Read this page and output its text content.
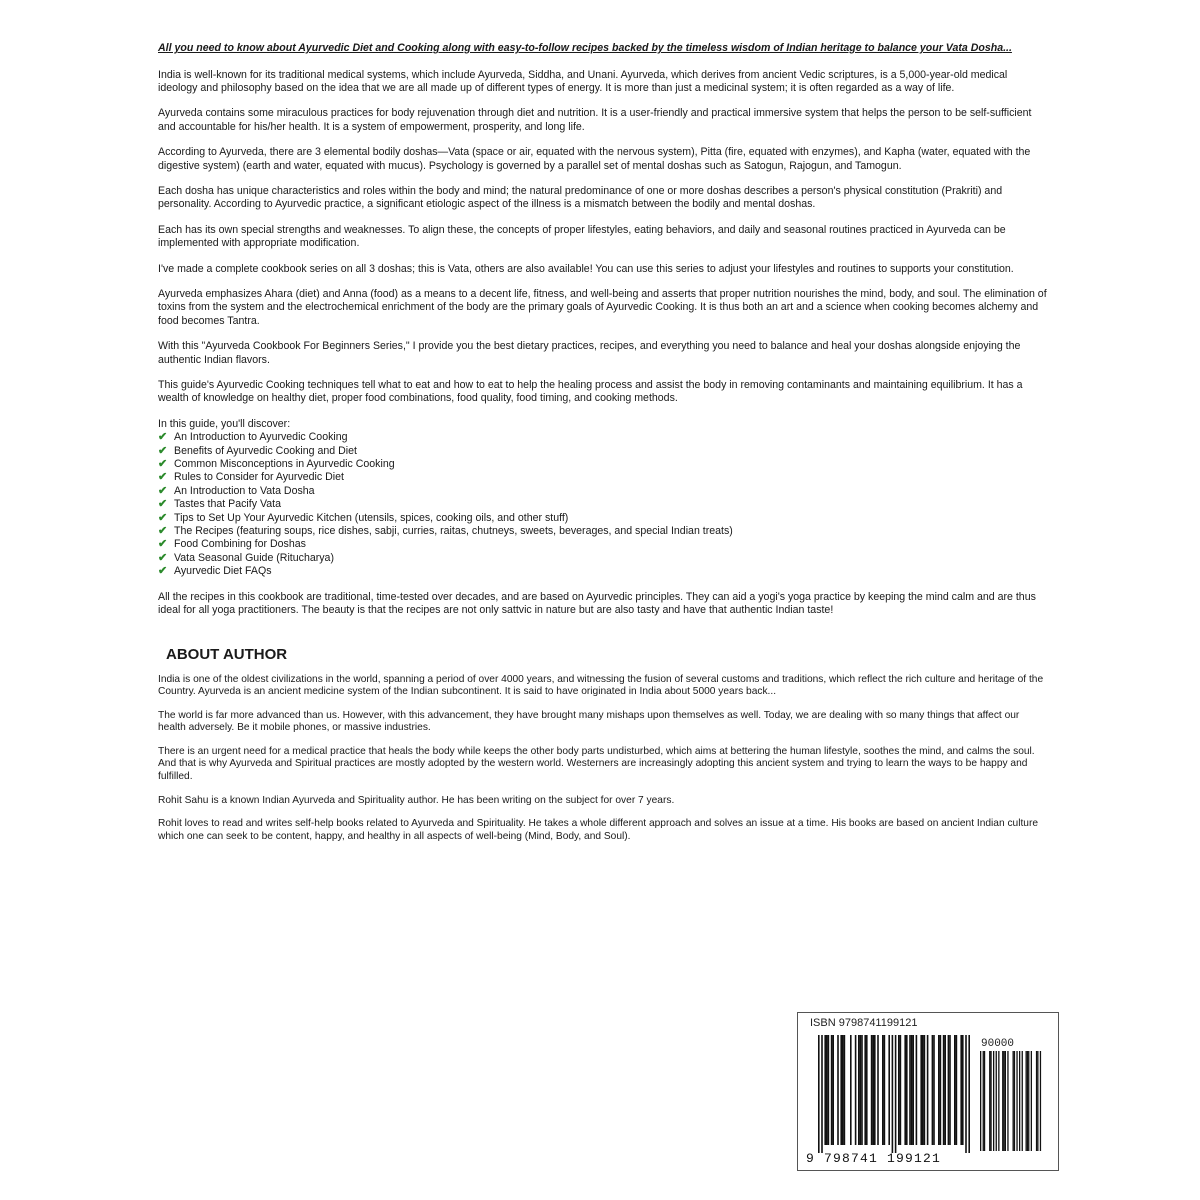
All you need to know about Ayurvedic Diet and Cooking along with easy-to-follow recipes backed by the timeless wisdom of Indian heritage to balance your Vata Dosha...

India is well-known for its traditional medical systems, which include Ayurveda, Siddha, and Unani. Ayurveda, which derives from ancient Vedic scriptures, is a 5,000-year-old medical ideology and philosophy based on the idea that we are all made up of different types of energy. It is more than just a medicinal system; it is often regarded as a way of life.

Ayurveda contains some miraculous practices for body rejuvenation through diet and nutrition. It is a user-friendly and practical immersive system that helps the person to be self-sufficient and accountable for his/her health. It is a system of empowerment, prosperity, and long life.

According to Ayurveda, there are 3 elemental bodily doshas—Vata (space or air, equated with the nervous system), Pitta (fire, equated with enzymes), and Kapha (water, equated with the digestive system) (earth and water, equated with mucus). Psychology is governed by a parallel set of mental doshas such as Satogun, Rajogun, and Tamogun.

Each dosha has unique characteristics and roles within the body and mind; the natural predominance of one or more doshas describes a person's physical constitution (Prakriti) and personality. According to Ayurvedic practice, a significant etiologic aspect of the illness is a mismatch between the bodily and mental doshas.

Each has its own special strengths and weaknesses. To align these, the concepts of proper lifestyles, eating behaviors, and daily and seasonal routines practiced in Ayurveda can be implemented with appropriate modification.

I've made a complete cookbook series on all 3 doshas; this is Vata, others are also available! You can use this series to adjust your lifestyles and routines to supports your constitution.

Ayurveda emphasizes Ahara (diet) and Anna (food) as a means to a decent life, fitness, and well-being and asserts that proper nutrition nourishes the mind, body, and soul. The elimination of toxins from the system and the electrochemical enrichment of the body are the primary goals of Ayurvedic Cooking. It is thus both an art and a science when cooking becomes alchemy and food becomes Tantra.

With this "Ayurveda Cookbook For Beginners Series," I provide you the best dietary practices, recipes, and everything you need to balance and heal your doshas alongside enjoying the authentic Indian flavors.

This guide's Ayurvedic Cooking techniques tell what to eat and how to eat to help the healing process and assist the body in removing contaminants and maintaining equilibrium. It has a wealth of knowledge on healthy diet, proper food combinations, food quality, food timing, and cooking methods.

In this guide, you'll discover:

✔ An Introduction to Ayurvedic Cooking
✔ Benefits of Ayurvedic Cooking and Diet
✔ Common Misconceptions in Ayurvedic Cooking
✔ Rules to Consider for Ayurvedic Diet
✔ An Introduction to Vata Dosha
✔ Tastes that Pacify Vata
✔ Tips to Set Up Your Ayurvedic Kitchen (utensils, spices, cooking oils, and other stuff)
✔ The Recipes (featuring soups, rice dishes, sabji, curries, raitas, chutneys, sweets, beverages, and special Indian treats)
✔ Food Combining for Doshas
✔ Vata Seasonal Guide (Ritucharya)
✔ Ayurvedic Diet FAQs

All the recipes in this cookbook are traditional, time-tested over decades, and are based on Ayurvedic principles. They can aid a yogi's yoga practice by keeping the mind calm and are thus ideal for all yoga practitioners. The beauty is that the recipes are not only sattvic in nature but are also tasty and have that authentic Indian taste!

ABOUT AUTHOR

India is one of the oldest civilizations in the world, spanning a period of over 4000 years, and witnessing the fusion of several customs and traditions, which reflect the rich culture and heritage of the Country. Ayurveda is an ancient medicine system of the Indian subcontinent. It is said to have originated in India about 5000 years back...

The world is far more advanced than us. However, with this advancement, they have brought many mishaps upon themselves as well. Today, we are dealing with so many things that affect our health adversely. Be it mobile phones, or massive industries.

There is an urgent need for a medical practice that heals the body while keeps the other body parts undisturbed, which aims at bettering the human lifestyle, soothes the mind, and calms the soul. And that is why Ayurveda and Spiritual practices are mostly adopted by the western world. Westerners are increasingly adopting this ancient system and trying to learn the ways to be happy and fulfilled.

Rohit Sahu is a known Indian Ayurveda and Spirituality author. He has been writing on the subject for over 7 years.

Rohit loves to read and writes self-help books related to Ayurveda and Spirituality. He takes a whole different approach and solves an issue at a time. His books are based on ancient Indian culture which one can seek to be content, happy, and healthy in all aspects of well-being (Mind, Body, and Soul).

ISBN 9798741199121
90000
9 798741 199121
